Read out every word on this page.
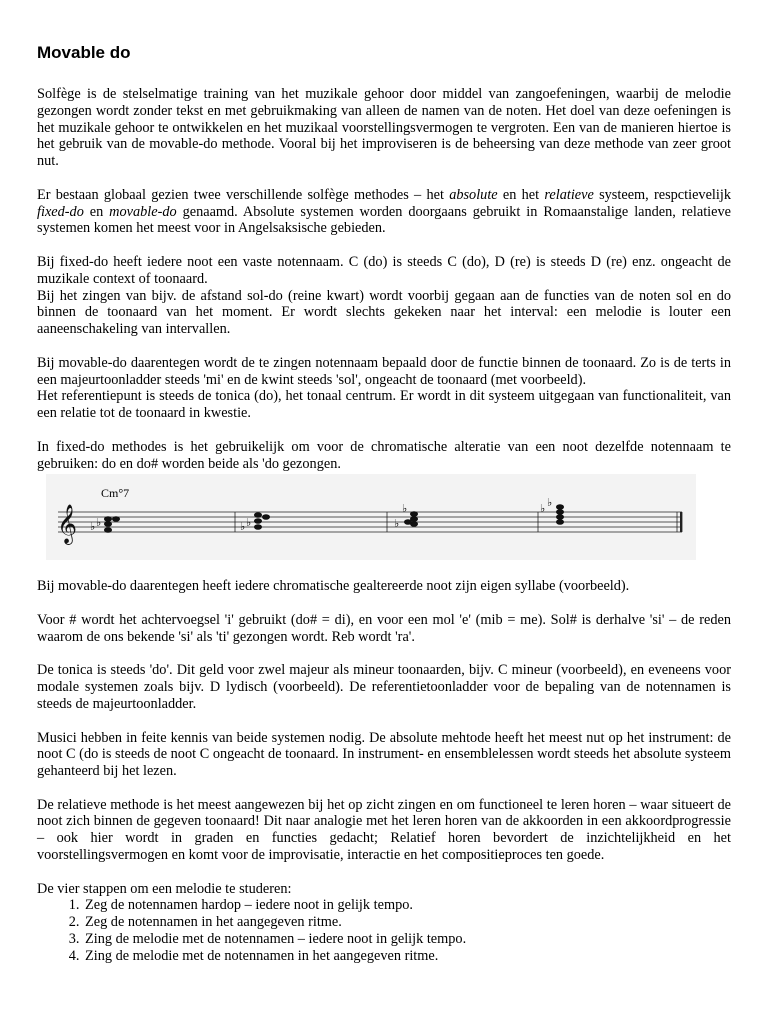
Movable do

Solfège is de stelselmatige training van het muzikale gehoor door middel van zangoefeningen, waarbij de melodie gezongen wordt zonder tekst en met gebruikmaking van alleen de namen van de noten. Het doel van deze oefeningen is het muzikale gehoor te ontwikkelen en het muzikaal voorstellingsvermogen te vergroten. Een van de manieren hiertoe is het gebruik van de movable-do methode. Vooral bij het improviseren is de beheersing van deze methode van zeer groot nut.

Er bestaan globaal gezien twee verschillende solfège methodes – het absolute en het relatieve systeem, respctievelijk fixed-do en movable-do genaamd. Absolute systemen worden doorgaans gebruikt in Romaanstalige landen, relatieve systemen komen het meest voor in Angelsaksische gebieden.

Bij fixed-do heeft iedere noot een vaste notennaam. C (do) is steeds C (do), D (re) is steeds D (re) enz. ongeacht de muzikale context of toonaard.

Bij het zingen van bijv. de afstand sol-do (reine kwart) wordt voorbij gegaan aan de functies van de noten sol en do binnen de toonaard van het moment. Er wordt slechts gekeken naar het interval: een melodie is louter een aaneenschakeling van intervallen.

Bij movable-do daarentegen wordt de te zingen notennaam bepaald door de functie binnen de toonaard. Zo is de terts in een majeurtoonladder steeds 'mi' en de kwint steeds 'sol', ongeacht de toonaard (met voorbeeld).

Het referentiepunt is steeds de tonica (do), het tonaal centrum. Er wordt in dit systeem uitgegaan van functionaliteit, van een relatie tot de toonaard in kwestie.

In fixed-do methodes is het gebruikelijk om voor de chromatische alteratie van een noot dezelfde notennaam te gebruiken: do en do# worden beide als 'do gezongen.

Cm°7
𝄞 ♭ ♭	♭ ♭	♭
♭	♭ ♭

Bij movable-do daarentegen heeft iedere chromatische gealtereerde noot zijn eigen syllabe (voorbeeld).

Voor # wordt het achtervoegsel 'i' gebruikt (do# = di), en voor een mol 'e' (mib = me). Sol# is derhalve 'si' – de reden waarom de ons bekende 'si' als 'ti' gezongen wordt. Reb wordt 'ra'.

De tonica is steeds 'do'. Dit geld voor zwel majeur als mineur toonaarden, bijv. C mineur (voorbeeld), en eveneens voor modale systemen zoals bijv. D lydisch (voorbeeld). De referentietoonladder voor de bepaling van de notennamen is steeds de majeurtoonladder.

Musici hebben in feite kennis van beide systemen nodig. De absolute mehtode heeft het meest nut op het instrument: de noot C (do is steeds de noot C ongeacht de toonaard. In instrument- en ensemblelessen wordt steeds het absolute systeem gehanteerd bij het lezen.

De relatieve methode is het meest aangewezen bij het op zicht zingen en om functioneel te leren horen – waar situeert de noot zich binnen de gegeven toonaard! Dit naar analogie met het leren horen van de akkoorden in een akkoordprogressie – ook hier wordt in graden en functies gedacht; Relatief horen bevordert de inzichtelijkheid en het voorstellingsvermogen en komt voor de improvisatie, interactie en het compositieproces ten goede.

De vier stappen om een melodie te studeren:

1. Zeg de notennamen hardop – iedere noot in gelijk tempo.
2. Zeg de notennamen in het aangegeven ritme.
3. Zing de melodie met de notennamen – iedere noot in gelijk tempo.
4. Zing de melodie met de notennamen in het aangegeven ritme.
